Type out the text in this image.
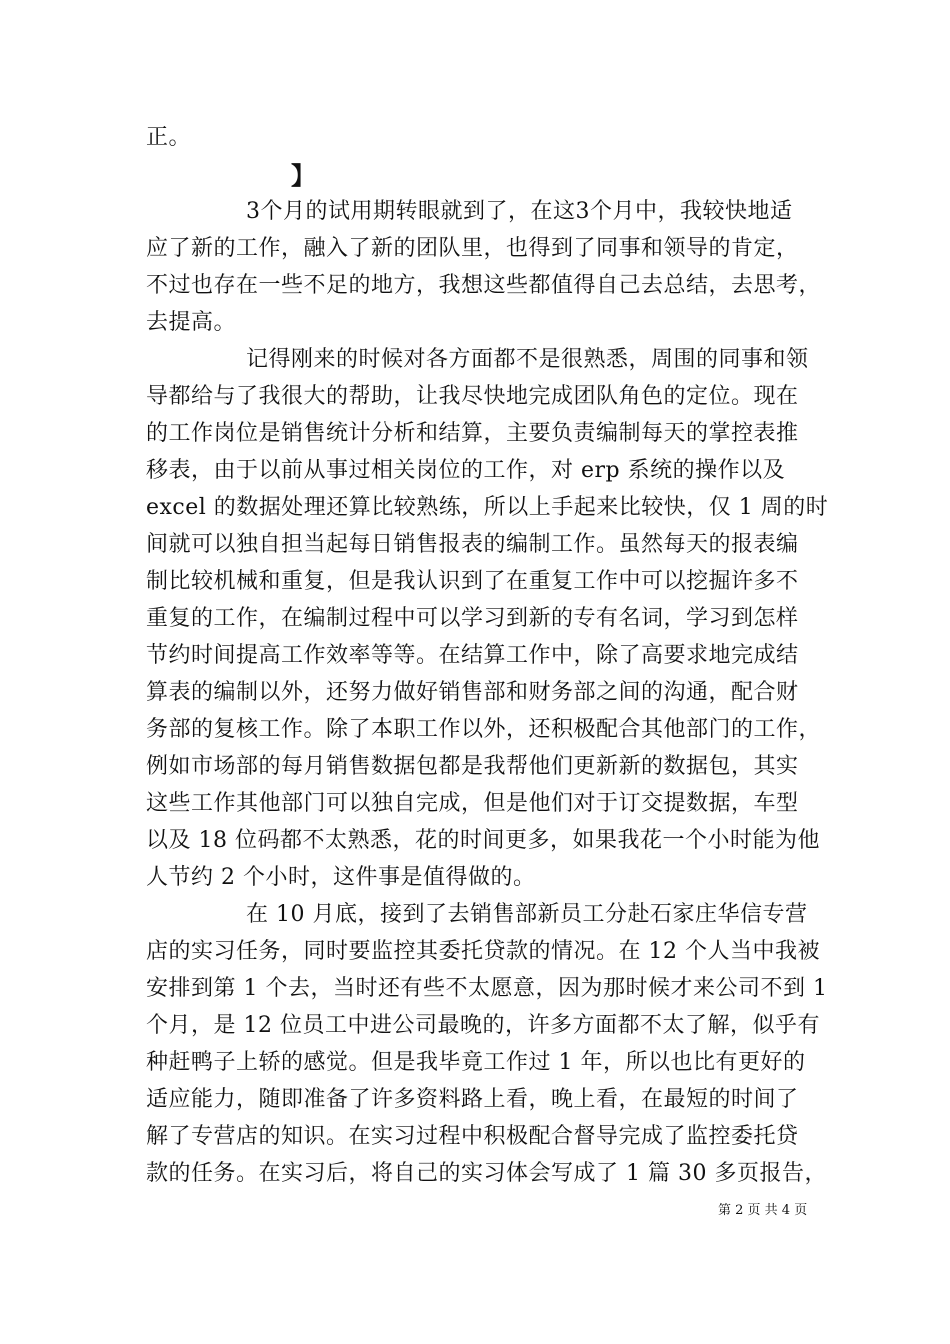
正。
】
3个月的试用期转眼就到了，在这3个月中，我较快地适
应了新的工作，融入了新的团队里，也得到了同事和领导的肯定，
不过也存在一些不足的地方，我想这些都值得自己去总结，去思考，
去提高。
记得刚来的时候对各方面都不是很熟悉，周围的同事和领
导都给与了我很大的帮助，让我尽快地完成团队角色的定位。现在
的工作岗位是销售统计分析和结算，主要负责编制每天的掌控表推
移表，由于以前从事过相关岗位的工作，对 erp 系统的操作以及
excel 的数据处理还算比较熟练，所以上手起来比较快，仅 1 周的时
间就可以独自担当起每日销售报表的编制工作。虽然每天的报表编
制比较机械和重复，但是我认识到了在重复工作中可以挖掘许多不
重复的工作，在编制过程中可以学习到新的专有名词，学习到怎样
节约时间提高工作效率等等。在结算工作中，除了高要求地完成结
算表的编制以外，还努力做好销售部和财务部之间的沟通，配合财
务部的复核工作。除了本职工作以外，还积极配合其他部门的工作，
例如市场部的每月销售数据包都是我帮他们更新新的数据包，其实
这些工作其他部门可以独自完成，但是他们对于订交提数据，车型
以及 18 位码都不太熟悉，花的时间更多，如果我花一个小时能为他
人节约 2 个小时，这件事是值得做的。
在 10 月底，接到了去销售部新员工分赴石家庄华信专营
店的实习任务，同时要监控其委托贷款的情况。在 12 个人当中我被
安排到第 1 个去，当时还有些不太愿意，因为那时候才来公司不到 1
个月，是 12 位员工中进公司最晚的，许多方面都不太了解，似乎有
种赶鸭子上轿的感觉。但是我毕竟工作过 1 年，所以也比有更好的
适应能力，随即准备了许多资料路上看，晚上看，在最短的时间了
解了专营店的知识。在实习过程中积极配合督导完成了监控委托贷
款的任务。在实习后，将自己的实习体会写成了 1 篇 30 多页报告，
第 2 页 共 4 页
